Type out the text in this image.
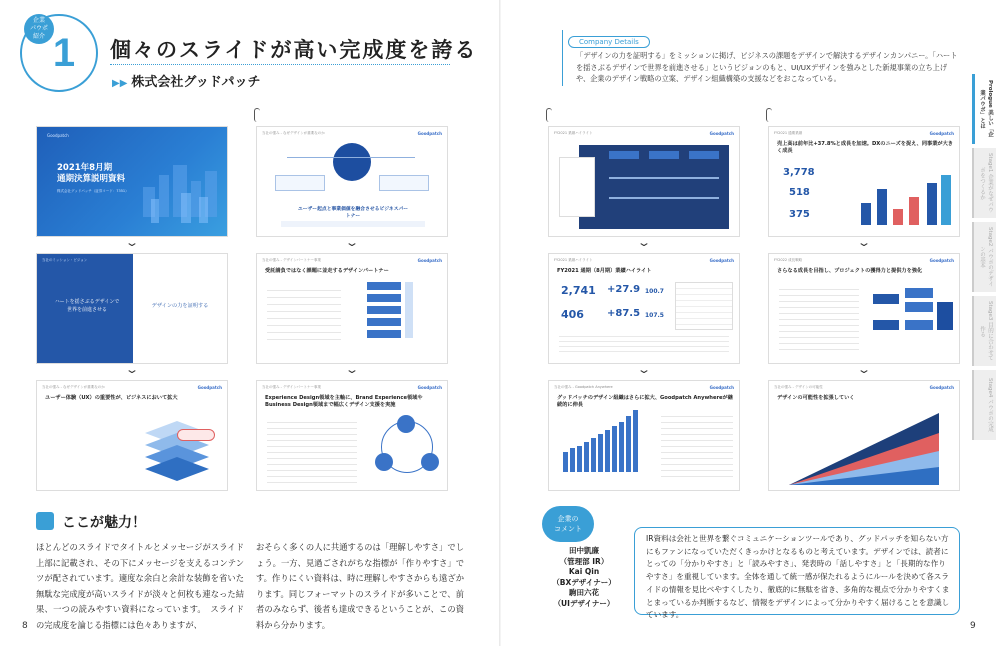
1
企業
パウポ
紹介
個々のスライドが高い完成度を誇る
▶▶ 株式会社グッドパッチ
Company Details
「デザインの力を証明する」をミッションに掲げ、ビジネスの課題をデザインで解決するデザインカンパニー。「ハートを揺さぶるデザインで世界を前進させる」というビジョンのもと、UI/UXデザインを強みとした新規事業の立ち上げや、企業のデザイン戦略の立案、デザイン組織構築の支援などをおこなっている。
Prologue 美しい「企業パウポ」とは
Stage1 企業がなぜパウポをつくるか
Stage2 パウポのデザインの基本
Stage3 目的に合わせて作る
Stage4 パウポの完成
Goodpatch
2021年8月期
通期決算説明資料
株式会社グッドパッチ（証券コード：7351）
⌄
当社のミッション・ビジョン
ハートを揺さぶるデザインで
世界を前進させる
デザインの力を証明する
⌄
当社の強み - なぜデザインが重要なのか	Goodpatch
ユーザー体験（UX）の重要性が、ビジネスにおいて拡大
当社の強み - なぜデザインが重要なのか	Goodpatch
ユーザー起点と事業価値を融合させるビジネスパートナー
⌄
当社の強み - デザインパートナー事業	Goodpatch
受託請負ではなく課題に並走するデザインパートナー
⌄
当社の強み - デザインパートナー事業	Goodpatch
Experience Design領域を主軸に、Brand Experience領域やBusiness Design領域まで幅広くデザイン支援を実施
FY2021 業績ハイライト	Goodpatch
⌄
FY2021 業績ハイライト	Goodpatch
FY2021 通期（8月期）業績ハイライト
2,741 +27.9 100.7
406 +87.5 107.5
⌄
当社の強み - Goodpatch Anywhere	Goodpatch
グッドパッチのデザイン組織はさらに拡大、Goodpatch Anywhereが継続的に伸長
FY2021 通期業績	Goodpatch
売上高は前年比+37.8%と成長を加速。DXのニーズを捉え、同事業が大きく成長
3,778
518
375
⌄
FY2022 成長戦略	Goodpatch
さらなる成長を目指し、プロジェクトの獲得力と提供力を強化
⌄
当社の強み - デザインの可能性	Goodpatch
デザインの可能性を拡張していく
ここが魅力！
ほとんどのスライドでタイトルとメッセージがスライド上部に記載され、その下にメッセージを支えるコンテンツが配されています。適度な余白と余計な装飾を省いた無駄な完成度が高いスライドが淡々と何枚も連なった結果、一つの読みやすい資料になっています。　スライドの完成度を論じる指標には色々ありますが、
おそらく多くの人に共通するのは「理解しやすさ」でしょう。一方、見過ごされがちな指標が「作りやすさ」です。作りにくい資料は、時に理解しやすさからも遠ざかります。同じフォーマットのスライドが多いことで、前者のみならず、後者も達成できるということが、この資料から分かります。
企業の
コメント
田中凱廉
（管理部 IR）
Kai Qin
（BXデザイナー）
駒田六花
（UIデザイナー）
IR資料は会社と世界を繋ぐコミュニケーションツールであり、グッドパッチを知らない方にもファンになっていただくきっかけとなるものと考えています。デザインでは、読者にとっての「分かりやすさ」と「読みやすさ」、発表時の「話しやすさ」と「長期的な作りやすさ」を重視しています。全体を通して統一感が保たれるようにルールを決めて各スライドの情報を見比べやすくしたり、徹底的に無駄を省き、多角的な視点で分かりやすくまとまっているか判断するなど、情報をデザインによって分かりやすく届けることを意識しています。
8	9
